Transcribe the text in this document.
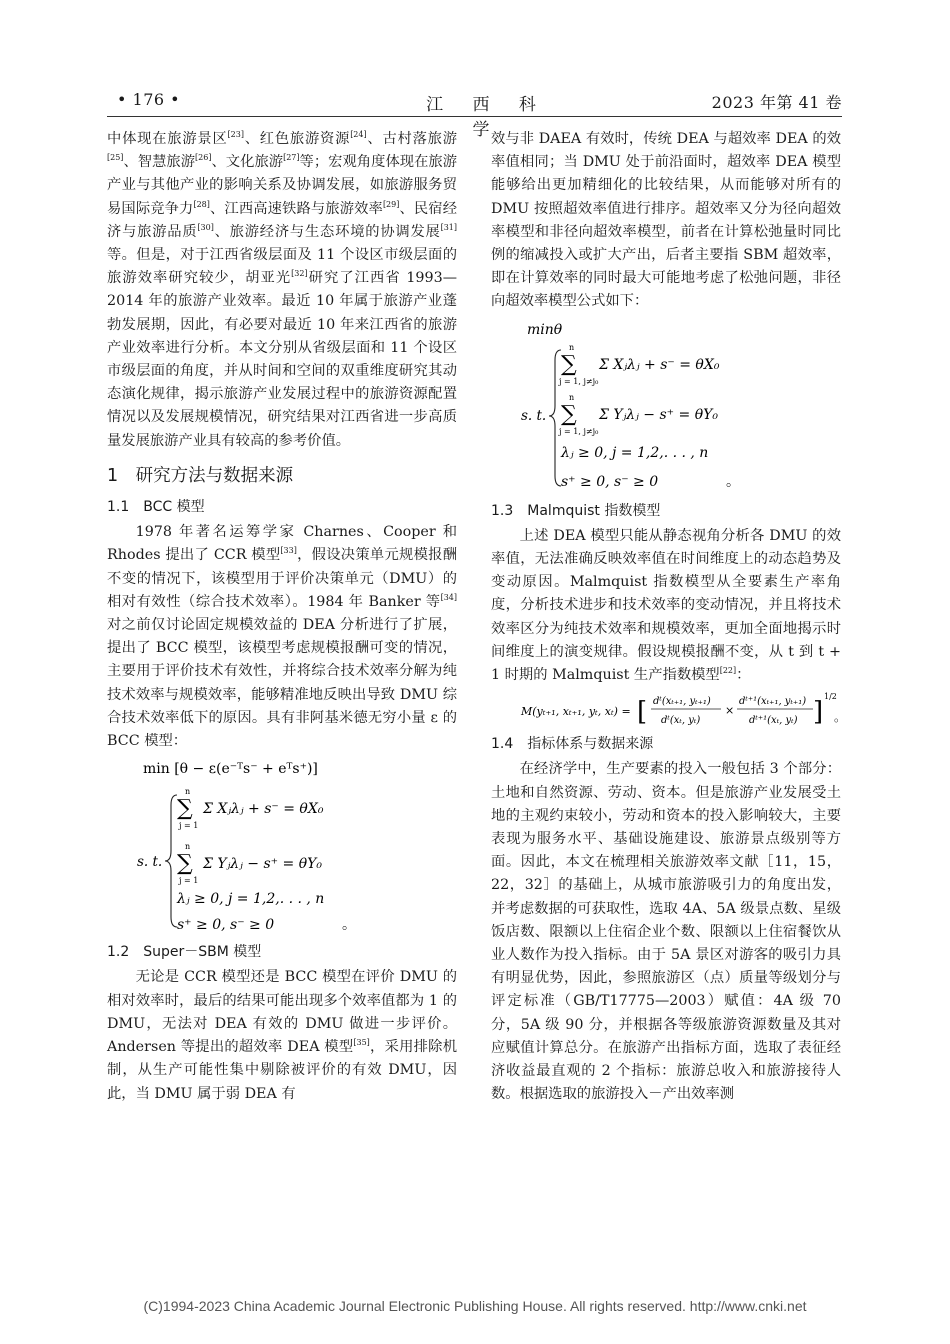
• 176 •	江 西 科 学
2023 年第 41 卷

中体现在旅游景区[23]、红色旅游资源[24]、古村落旅游[25]、智慧旅游[26]、文化旅游[27]等；宏观角度体现在旅游产业与其他产业的影响关系及协调发展，如旅游服务贸易国际竞争力[28]、江西高速铁路与旅游效率[29]、民宿经济与旅游品质[30]、旅游经济与生态环境的协调发展[31]等。但是，对于江西省级层面及 11 个设区市级层面的旅游效率研究较少，胡亚光[32]研究了江西省 1993—2014 年的旅游产业效率。最近 10 年属于旅游产业蓬勃发展期，因此，有必要对最近 10 年来江西省的旅游产业效率进行分析。本文分别从省级层面和 11 个设区市级层面的角度，并从时间和空间的双重维度研究其动态演化规律，揭示旅游产业发展过程中的旅游资源配置情况以及发展规模情况，研究结果对江西省进一步高质量发展旅游产业具有较高的参考价值。

1　研究方法与数据来源

1.1 BCC 模型

1978 年著名运筹学家 Charnes、Cooper 和 Rhodes 提出了 CCR 模型[33]，假设决策单元规模报酬不变的情况下，该模型用于评价决策单元（DMU）的相对有效性（综合技术效率）。1984 年 Banker 等[34]对之前仅讨论固定规模效益的 DEA 分析进行了扩展，提出了 BCC 模型，该模型考虑规模报酬可变的情况，主要用于评价技术有效性，并将综合技术效率分解为纯技术效率与规模效率，能够精准地反映出导致 DMU 综合技术效率低下的原因。具有非阿基米德无穷小量 ε 的 BCC 模型：

min [θ − ε(e⁻ᵀs⁻ + eᵀs⁺)]
s. t.
n
∑
j = 1
Σ Xⱼλⱼ + s⁻ = θX₀
n
∑
j = 1
Σ Yⱼλⱼ − s⁺ = θY₀
λⱼ ≥ 0, j = 1,2,. . . , n
s⁺ ≥ 0, s⁻ ≥ 0	。

1.2 Super－SBM 模型

无论是 CCR 模型还是 BCC 模型在评价 DMU 的相对效率时，最后的结果可能出现多个效率值都为 1 的 DMU，无法对 DEA 有效的 DMU 做进一步评价。Andersen 等提出的超效率 DEA 模型[35]，采用排除机制，从生产可能性集中剔除被评价的有效 DMU，因此，当 DMU 属于弱 DEA 有

效与非 DAEA 有效时，传统 DEA 与超效率 DEA 的效率值相同；当 DMU 处于前沿面时，超效率 DEA 模型能够给出更加精细化的比较结果，从而能够对所有的 DMU 按照超效率值进行排序。超效率又分为径向超效率模型和非径向超效率模型，前者在计算松弛量时同比例的缩减投入或扩大产出，后者主要指 SBM 超效率，即在计算效率的同时最大可能地考虑了松弛问题，非径向超效率模型公式如下：

minθ
s. t.
n
∑
j = 1, j≠j₀
Σ Xⱼλⱼ + s⁻ = θX₀
n
∑
j = 1, j≠j₀
Σ Yⱼλⱼ − s⁺ = θY₀
λⱼ ≥ 0, j = 1,2,. . . , n
s⁺ ≥ 0, s⁻ ≥ 0	。

1.3 Malmquist 指数模型

上述 DEA 模型只能从静态视角分析各 DMU 的效率值，无法准确反映效率值在时间维度上的动态趋势及变动原因。Malmquist 指数模型从全要素生产率角度，分析技术进步和技术效率的变动情况，并且将技术效率区分为纯技术效率和规模效率，更加全面地揭示时间维度上的演变规律。假设规模报酬不变，从 t 到 t + 1 时期的 Malmquist 生产指数模型[22]：

M(yₜ₊₁, xₜ₊₁, yₜ, xₜ) = [ dᵗ(xₜ₊₁, yₜ₊₁)
dᵗ(xₜ, yₜ)
×
dᵗ⁺¹(xₜ₊₁, yₜ₊₁)
dᵗ⁺¹(xₜ, yₜ) ]
1/2
。

1.4 指标体系与数据来源

在经济学中，生产要素的投入一般包括 3 个部分：土地和自然资源、劳动、资本。但是旅游产业发展受土地的主观约束较小，劳动和资本的投入影响较大，主要表现为服务水平、基础设施建设、旅游景点级别等方面。因此，本文在梳理相关旅游效率文献［11，15，22，32］的基础上，从城市旅游吸引力的角度出发，并考虑数据的可获取性，选取 4A、5A 级景点数、星级饭店数、限额以上住宿企业个数、限额以上住宿餐饮从业人数作为投入指标。由于 5A 景区对游客的吸引力具有明显优势，因此，参照旅游区（点）质量等级划分与评定标准（GB/T17775—2003）赋值：4A 级 70 分，5A 级 90 分，并根据各等级旅游资源数量及其对应赋值计算总分。在旅游产出指标方面，选取了表征经济收益最直观的 2 个指标：旅游总收入和旅游接待人数。根据选取的旅游投入－产出效率测

(C)1994-2023 China Academic Journal Electronic Publishing House. All rights reserved. http://www.cnki.net
